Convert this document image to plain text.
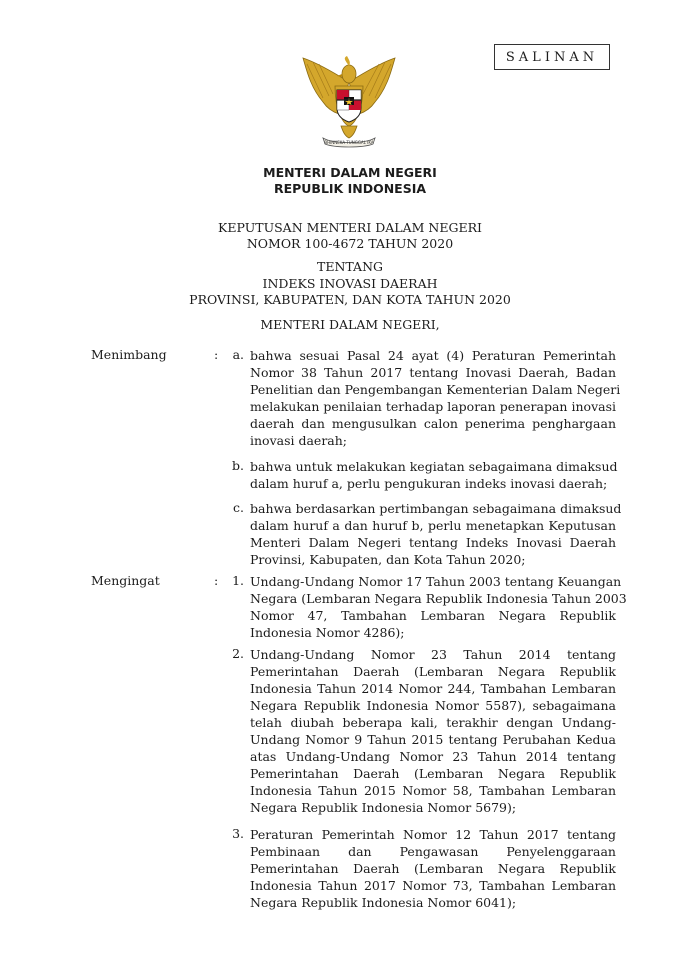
SALINAN
BHINNEKA TUNGGAL IKA
MENTERI DALAM NEGERI
REPUBLIK INDONESIA
KEPUTUSAN MENTERI DALAM NEGERI
NOMOR 100-4672 TAHUN 2020
TENTANG
INDEKS INOVASI DAERAH
PROVINSI, KABUPATEN, DAN KOTA TAHUN 2020
MENTERI DALAM NEGERI,
Menimbang	:	a. bahwa sesuai Pasal 24 ayat (4) Peraturan Pemerintah
Nomor 38 Tahun 2017 tentang Inovasi Daerah, Badan
Penelitian dan Pengembangan Kementerian Dalam Negeri
melakukan penilaian terhadap laporan penerapan inovasi
daerah dan mengusulkan calon penerima penghargaan
inovasi daerah;
b. bahwa untuk melakukan kegiatan sebagaimana dimaksud
dalam huruf a, perlu pengukuran indeks inovasi daerah;
c. bahwa berdasarkan pertimbangan sebagaimana dimaksud
dalam huruf a dan huruf b, perlu menetapkan Keputusan
Menteri Dalam Negeri tentang Indeks Inovasi Daerah
Provinsi, Kabupaten, dan Kota Tahun 2020;
Mengingat	:	1. Undang-Undang Nomor 17 Tahun 2003 tentang Keuangan
Negara (Lembaran Negara Republik Indonesia Tahun 2003
Nomor 47, Tambahan Lembaran Negara Republik
Indonesia Nomor 4286);
2. Undang-Undang Nomor 23 Tahun 2014 tentang
Pemerintahan Daerah (Lembaran Negara Republik
Indonesia Tahun 2014 Nomor 244, Tambahan Lembaran
Negara Republik Indonesia Nomor 5587), sebagaimana
telah diubah beberapa kali, terakhir dengan Undang-
Undang Nomor 9 Tahun 2015 tentang Perubahan Kedua
atas Undang-Undang Nomor 23 Tahun 2014 tentang
Pemerintahan Daerah (Lembaran Negara Republik
Indonesia Tahun 2015 Nomor 58, Tambahan Lembaran
Negara Republik Indonesia Nomor 5679);
3. Peraturan Pemerintah Nomor 12 Tahun 2017 tentang
Pembinaan dan Pengawasan Penyelenggaraan
Pemerintahan Daerah (Lembaran Negara Republik
Indonesia Tahun 2017 Nomor 73, Tambahan Lembaran
Negara Republik Indonesia Nomor 6041);
